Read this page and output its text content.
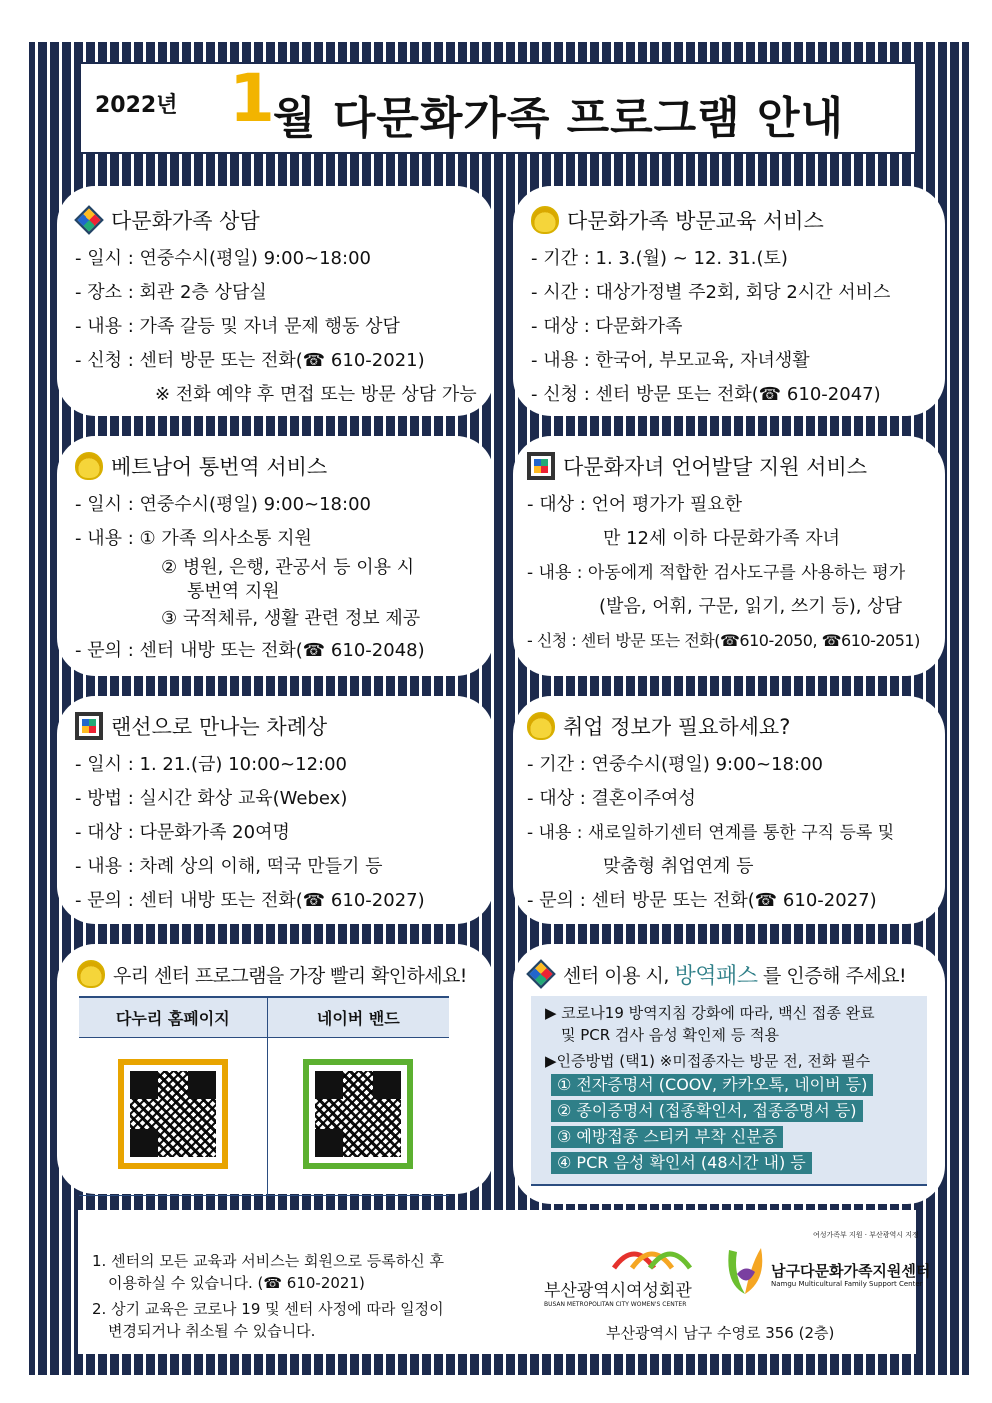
2022년 1
월 다문화가족 프로그램 안내
다문화가족 상담
- 일시 : 연중수시(평일) 9:00~18:00
- 장소 : 회관 2층 상담실
- 내용 : 가족 갈등 및 자녀 문제 행동 상담
- 신청 : 센터 방문 또는 전화(☎ 610-2021)
※ 전화 예약 후 면접 또는 방문 상담 가능
다문화가족 방문교육 서비스
- 기간 : 1. 3.(월) ~ 12. 31.(토)
- 시간 : 대상가정별 주2회, 회당 2시간 서비스
- 대상 : 다문화가족
- 내용 : 한국어, 부모교육, 자녀생활
- 신청 : 센터 방문 또는 전화(☎ 610-2047)
베트남어 통번역 서비스
- 일시 : 연중수시(평일) 9:00~18:00
- 내용 : ① 가족 의사소통 지원
② 병원, 은행, 관공서 등 이용 시
통번역 지원
③ 국적체류, 생활 관련 정보 제공
- 문의 : 센터 내방 또는 전화(☎ 610-2048)
다문화자녀 언어발달 지원 서비스
- 대상 : 언어 평가가 필요한
만 12세 이하 다문화가족 자녀
- 내용 : 아동에게 적합한 검사도구를 사용하는 평가
(발음, 어휘, 구문, 읽기, 쓰기 등), 상담
- 신청 : 센터 방문 또는 전화(☎610-2050, ☎610-2051)
랜선으로 만나는 차례상
- 일시 : 1. 21.(금) 10:00~12:00
- 방법 : 실시간 화상 교육(Webex)
- 대상 : 다문화가족 20여명
- 내용 : 차례 상의 이해, 떡국 만들기 등
- 문의 : 센터 내방 또는 전화(☎ 610-2027)
취업 정보가 필요하세요?
- 기간 : 연중수시(평일) 9:00~18:00
- 대상 : 결혼이주여성
- 내용 : 새로일하기센터 연계를 통한 구직 등록 및
맞춤형 취업연계 등
- 문의 : 센터 방문 또는 전화(☎ 610-2027)
우리 센터 프로그램을 가장 빨리 확인하세요!
다누리 홈페이지	네이버 밴드

센터 이용 시,
방역패스
를 인증해 주세요!
▶ 코로나19 방역지침 강화에 따라, 백신 접종 완료
및 PCR 검사 음성 확인제 등 적용
▶인증방법 (택1) ※미접종자는 방문 전, 전화 필수
① 전자증명서 (COOV, 카카오톡, 네이버 등)
② 종이증명서 (접종확인서, 접종증명서 등)
③ 예방접종 스티커 부착 신분증
④ PCR 음성 확인서 (48시간 내) 등
1. 센터의 모든 교육과 서비스는 회원으로 등록하신 후
이용하실 수 있습니다. (☎ 610-2021)
2. 상기 교육은 코로나 19 및 센터 사정에 따라 일정이
변경되거나 취소될 수 있습니다.
부산광역시여성회관
BUSAN METROPOLITAN CITY WOMEN'S CENTER
여성가족부 지원 · 부산광역시 지정
남구다문화가족지원센터
Namgu Multicultural Family Support Center
부산광역시 남구 수영로 356 (2층)
